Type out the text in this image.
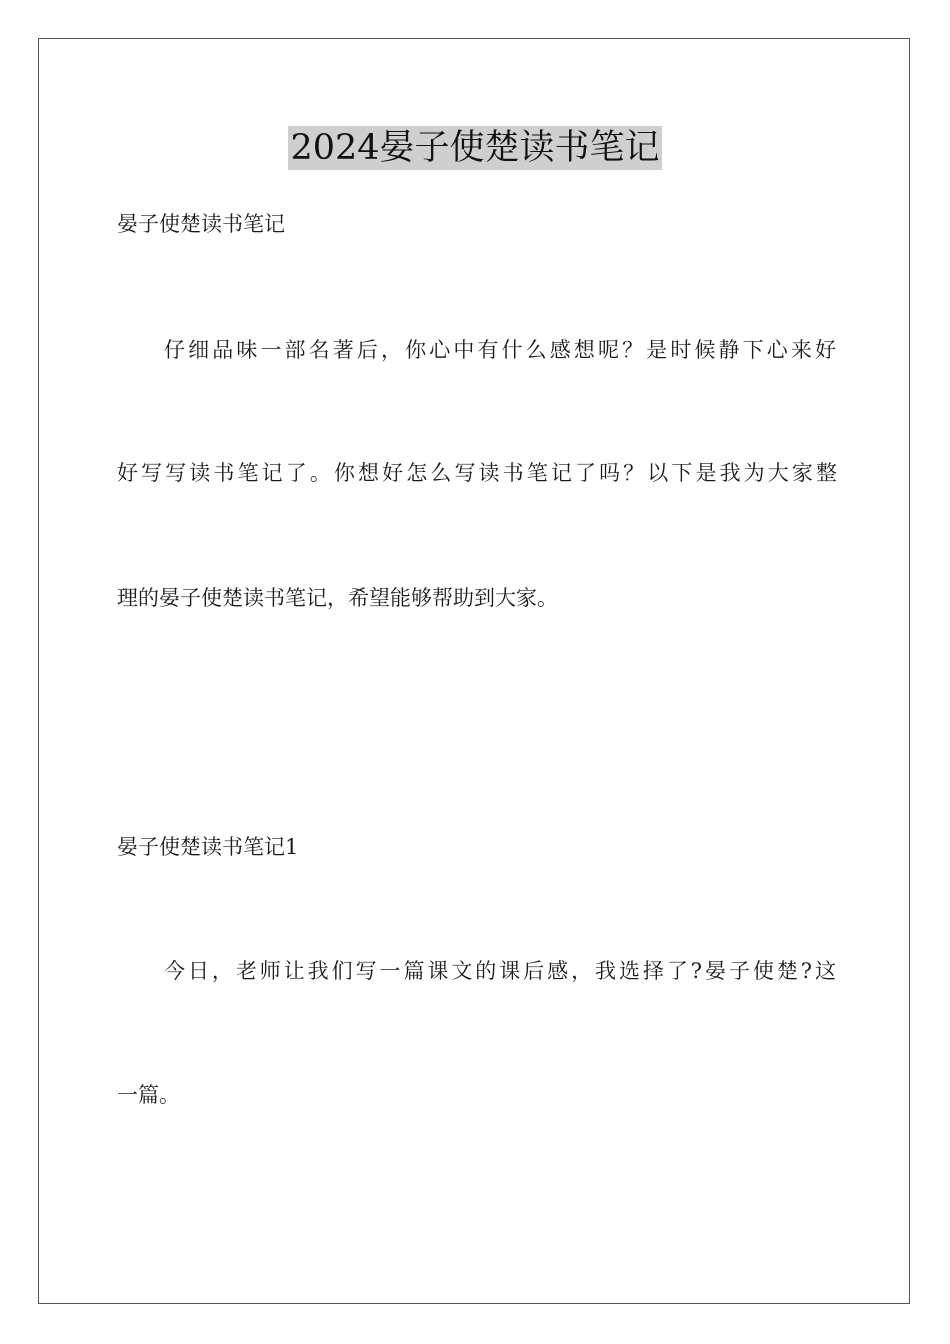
2024晏子使楚读书笔记
晏子使楚读书笔记
仔细品味一部名著后，你心中有什么感想呢？是时候静下心来好
好写写读书笔记了。你想好怎么写读书笔记了吗？以下是我为大家整
理的晏子使楚读书笔记，希望能够帮助到大家。
晏子使楚读书笔记1
今日，老师让我们写一篇课文的课后感，我选择了?晏子使楚?这
一篇。
